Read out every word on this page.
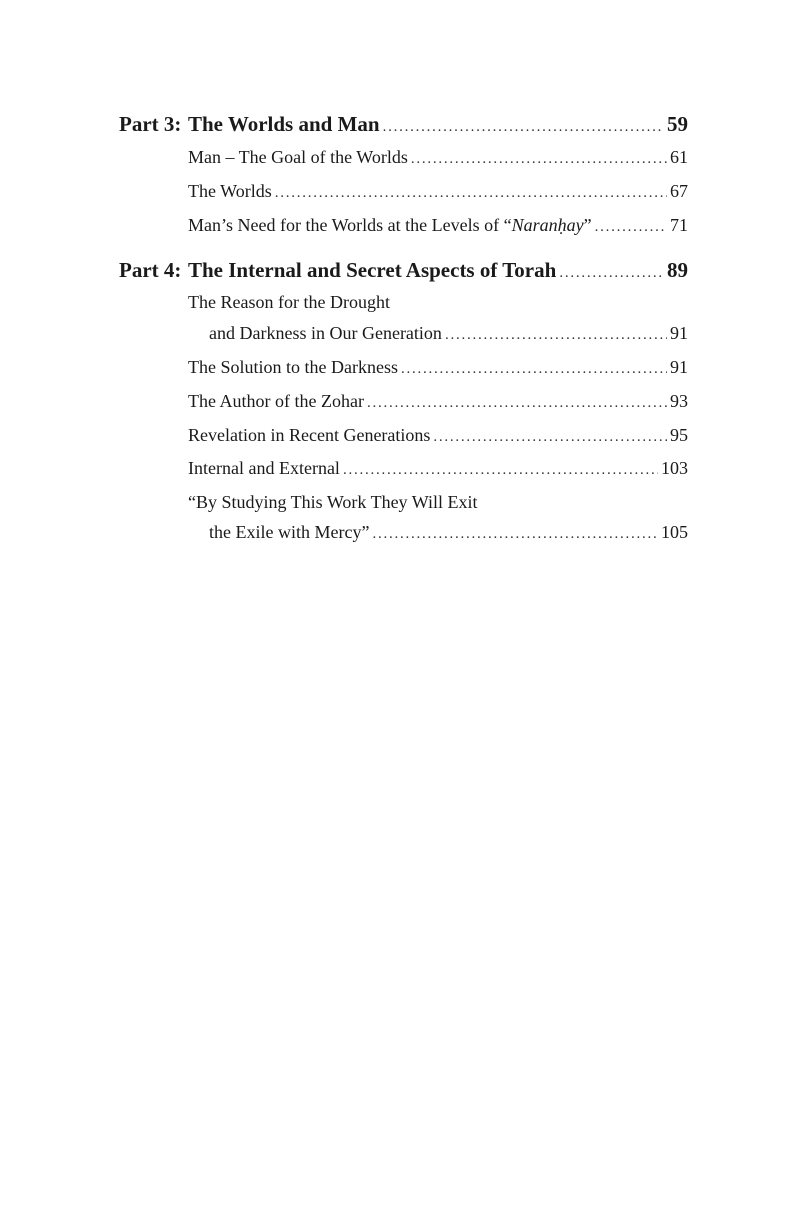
Part 3: The Worlds and Man . . .	59
Man – The Goal of the Worlds . . .	61
The Worlds . . .	67
Man’s Need for the Worlds at the Levels of “Naranḥay” . . .	71
Part 4: The Internal and Secret Aspects of Torah . . .	89
The Reason for the Drought
and Darkness in Our Generation . . .	91
The Solution to the Darkness . . .	91
The Author of the Zohar . . .	93
Revelation in Recent Generations . . .	95
Internal and External . . .	103
“By Studying This Work They Will Exit
the Exile with Mercy” . . .	105
